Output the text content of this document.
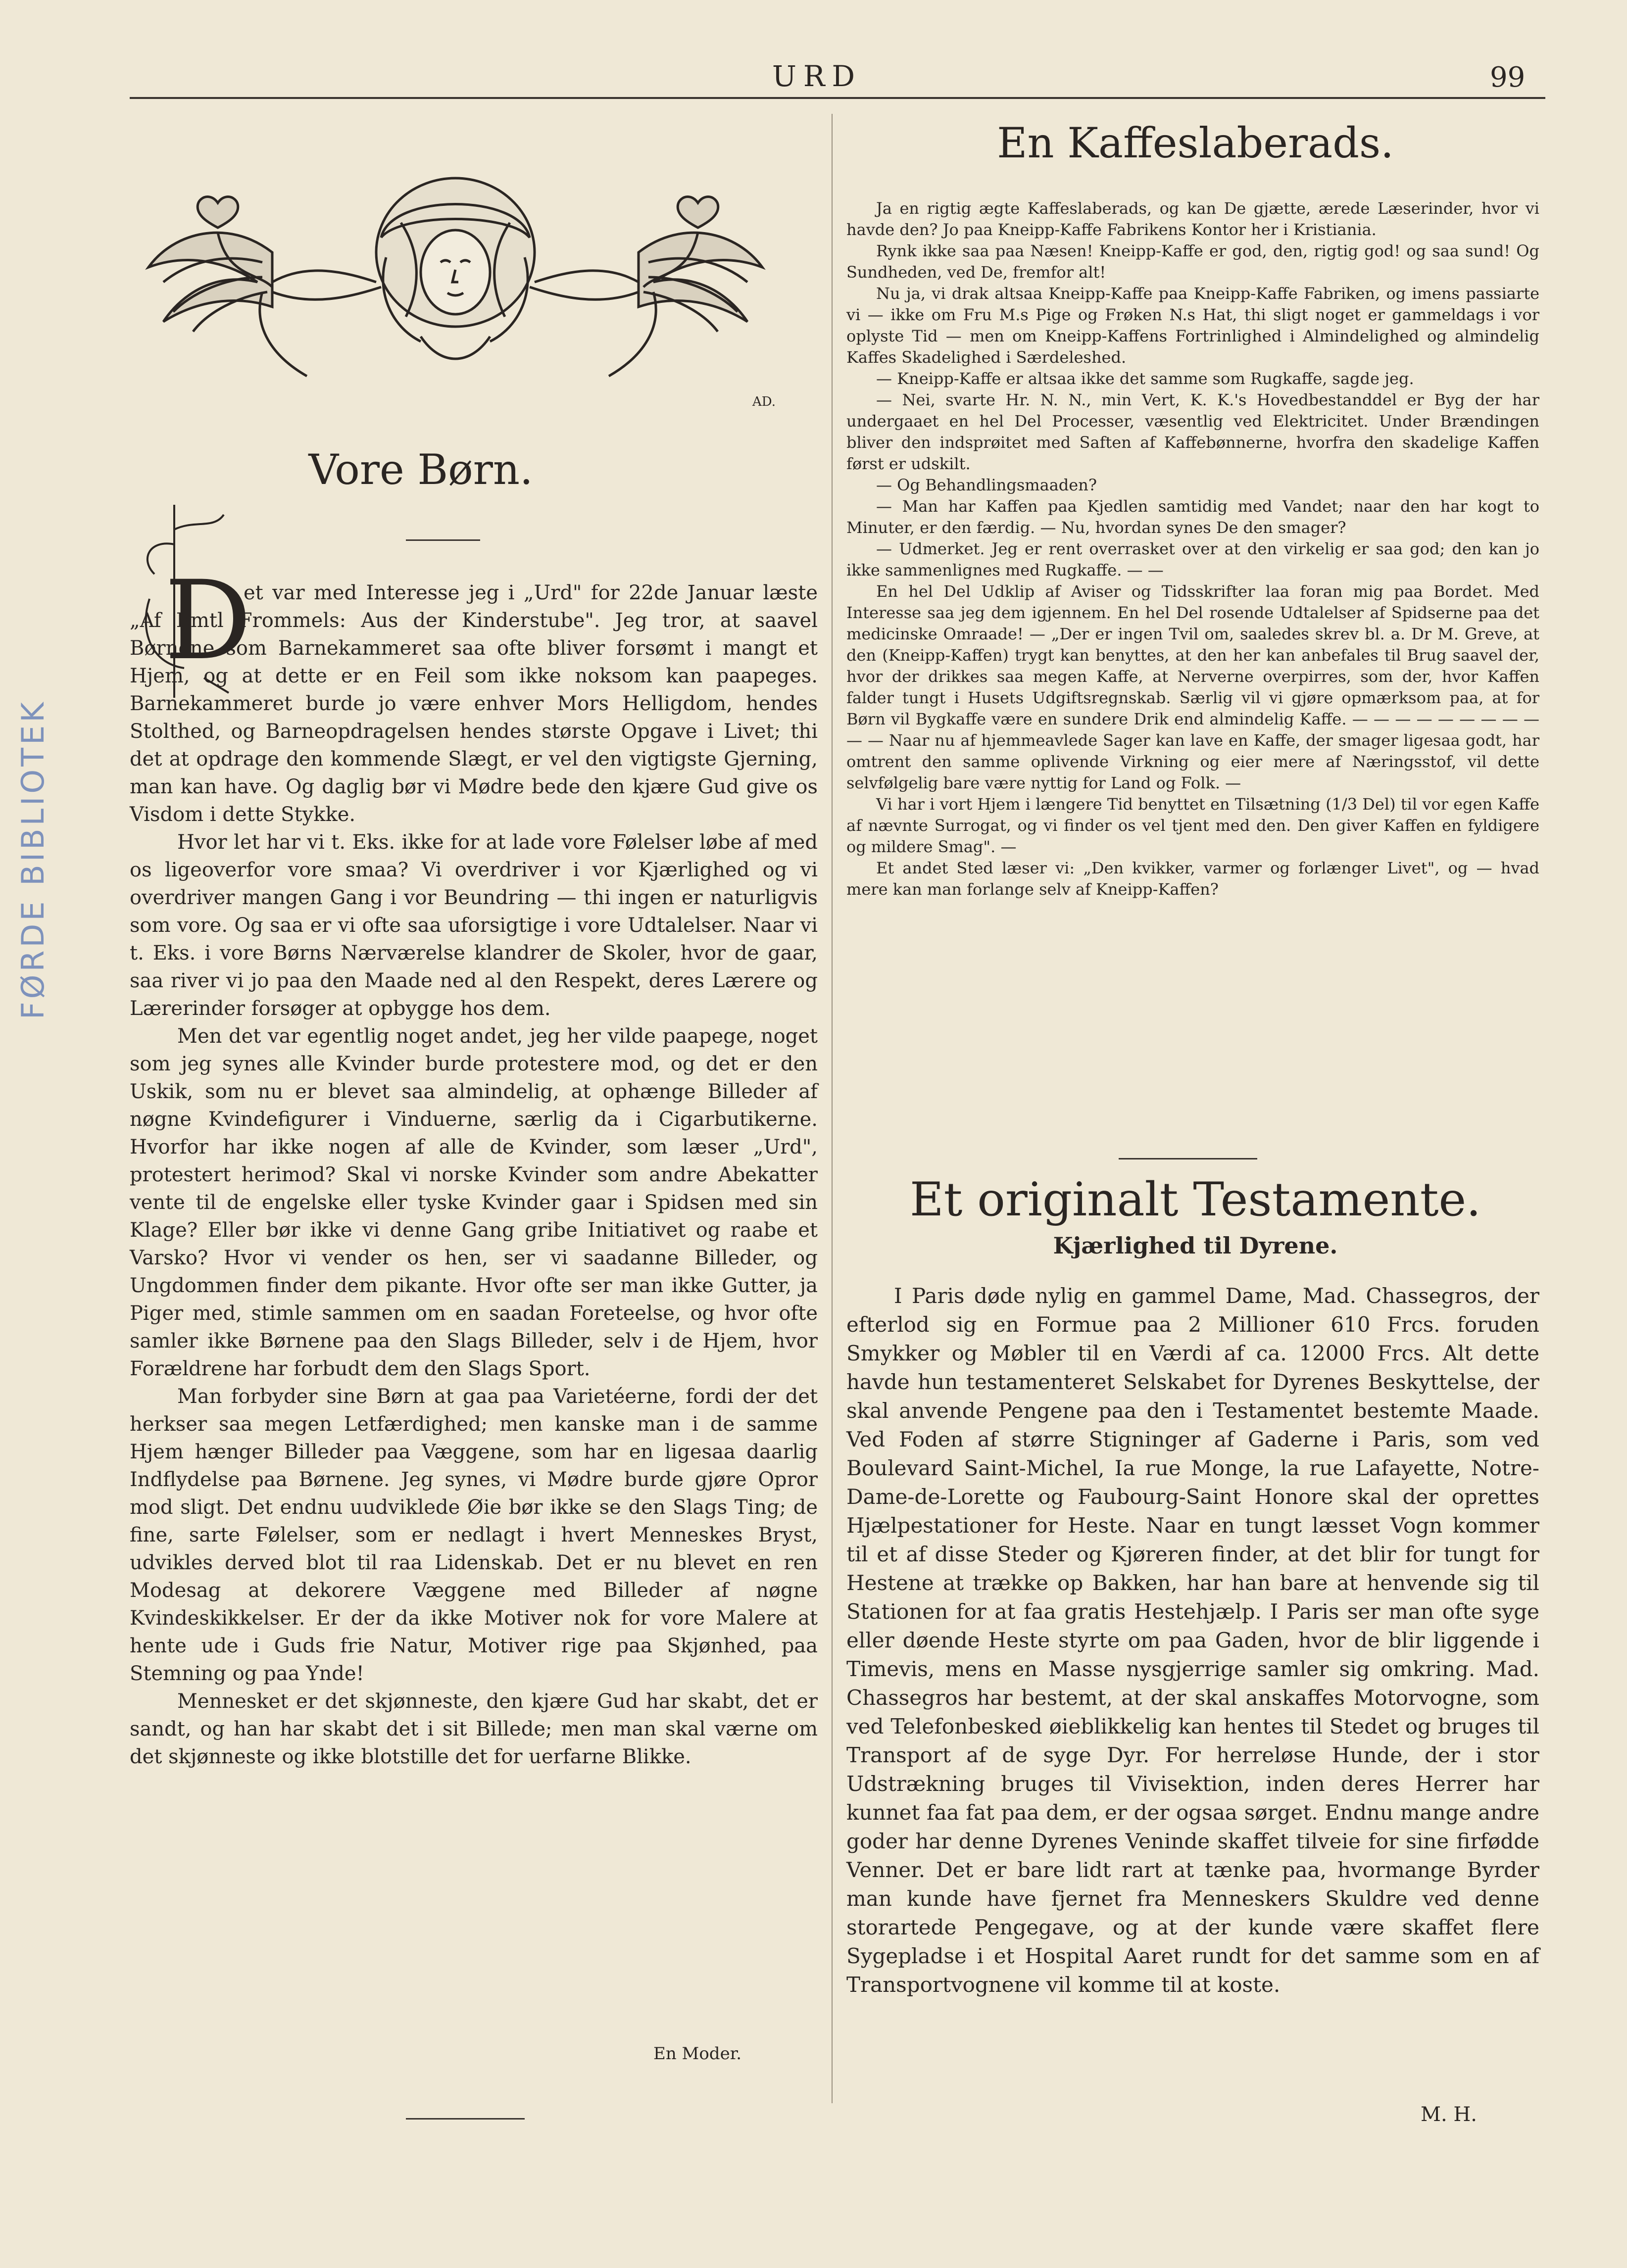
FØRDE BIBLIOTEK
URD	99
AD.
Vore Børn.
D

et var med Interesse jeg i „Urd" for 22de Januar læste „Af Emtl Frommels: Aus der Kinderstube". Jeg tror, at saavel Børnene som Barnekammeret saa ofte bliver forsømt i mangt et Hjem, og at dette er en Feil som ikke noksom kan paapeges. Barnekammeret burde jo være enhver Mors Helligdom, hendes Stolthed, og Barneopdragelsen hendes største Opgave i Livet; thi det at opdrage den kommende Slægt, er vel den vigtigste Gjerning, man kan have. Og daglig bør vi Mødre bede den kjære Gud give os Visdom i dette Stykke.

Hvor let har vi t. Eks. ikke for at lade vore Følelser løbe af med os ligeoverfor vore smaa? Vi overdriver i vor Kjærlighed og vi overdriver mangen Gang i vor Beundring — thi ingen er naturligvis som vore. Og saa er vi ofte saa uforsigtige i vore Udtalelser. Naar vi t. Eks. i vore Børns Nærværelse klandrer de Skoler, hvor de gaar, saa river vi jo paa den Maade ned al den Respekt, deres Lærere og Lærerinder forsøger at opbygge hos dem.

Men det var egentlig noget andet, jeg her vilde paapege, noget som jeg synes alle Kvinder burde protestere mod, og det er den Uskik, som nu er blevet saa almindelig, at ophænge Billeder af nøgne Kvindefigurer i Vinduerne, særlig da i Cigarbutikerne. Hvorfor har ikke nogen af alle de Kvinder, som læser „Urd", protestert herimod? Skal vi norske Kvinder som andre Abekatter vente til de engelske eller tyske Kvinder gaar i Spidsen med sin Klage? Eller bør ikke vi denne Gang gribe Initiativet og raabe et Varsko? Hvor vi vender os hen, ser vi saadanne Billeder, og Ungdommen finder dem pikante. Hvor ofte ser man ikke Gutter, ja Piger med, stimle sammen om en saadan Foreteelse, og hvor ofte samler ikke Børnene paa den Slags Billeder, selv i de Hjem, hvor Forældrene har forbudt dem den Slags Sport.

Man forbyder sine Børn at gaa paa Varietéerne, fordi der det herkser saa megen Letfærdighed; men kanske man i de samme Hjem hænger Billeder paa Væggene, som har en ligesaa daarlig Indflydelse paa Børnene. Jeg synes, vi Mødre burde gjøre Opror mod sligt. Det endnu uudviklede Øie bør ikke se den Slags Ting; de fine, sarte Følelser, som er nedlagt i hvert Menneskes Bryst, udvikles derved blot til raa Lidenskab. Det er nu blevet en ren Modesag at dekorere Væggene med Billeder af nøgne Kvindeskikkelser. Er der da ikke Motiver nok for vore Malere at hente ude i Guds frie Natur, Motiver rige paa Skjønhed, paa Stemning og paa Ynde!

Mennesket er det skjønneste, den kjære Gud har skabt, det er sandt, og han har skabt det i sit Billede; men man skal værne om det skjønneste og ikke blotstille det for uerfarne Blikke.

En Moder.
En Kaffeslaberads.

Ja en rigtig ægte Kaffeslaberads, og kan De gjætte, ærede Læserinder, hvor vi havde den? Jo paa Kneipp-Kaffe Fabrikens Kontor her i Kristiania.

Rynk ikke saa paa Næsen! Kneipp-Kaffe er god, den, rigtig god! og saa sund! Og Sundheden, ved De, fremfor alt!

Nu ja, vi drak altsaa Kneipp-Kaffe paa Kneipp-Kaffe Fabriken, og imens passiarte vi — ikke om Fru M.s Pige og Frøken N.s Hat, thi sligt noget er gammeldags i vor oplyste Tid — men om Kneipp-Kaffens Fortrinlighed i Almindelighed og almindelig Kaffes Skadelighed i Særdeleshed.

— Kneipp-Kaffe er altsaa ikke det samme som Rugkaffe, sagde jeg.

— Nei, svarte Hr. N. N., min Vert, K. K.'s Hovedbestanddel er Byg der har undergaaet en hel Del Processer, væsentlig ved Elektricitet. Under Brændingen bliver den indsprøitet med Saften af Kaffebønnerne, hvorfra den skadelige Kaffen først er udskilt.

— Og Behandlingsmaaden?

— Man har Kaffen paa Kjedlen samtidig med Vandet; naar den har kogt to Minuter, er den færdig. — Nu, hvordan synes De den smager?

— Udmerket. Jeg er rent overrasket over at den virkelig er saa god; den kan jo ikke sammenlignes med Rugkaffe. — —

En hel Del Udklip af Aviser og Tidsskrifter laa foran mig paa Bordet. Med Interesse saa jeg dem igjennem. En hel Del rosende Udtalelser af Spidserne paa det medicinske Omraade! — „Der er ingen Tvil om, saaledes skrev bl. a. Dr M. Greve, at den (Kneipp-Kaffen) trygt kan benyttes, at den her kan anbefales til Brug saavel der, hvor der drikkes saa megen Kaffe, at Nerverne overpirres, som der, hvor Kaffen falder tungt i Husets Udgiftsregnskab. Særlig vil vi gjøre opmærksom paa, at for Børn vil Bygkaffe være en sundere Drik end almindelig Kaffe. — — — — — — — — — — — Naar nu af hjemmeavlede Sager kan lave en Kaffe, der smager ligesaa godt, har omtrent den samme oplivende Virkning og eier mere af Næringsstof, vil dette selvfølgelig bare være nyttig for Land og Folk. —

Vi har i vort Hjem i længere Tid benyttet en Tilsætning (1/3 Del) til vor egen Kaffe af nævnte Surrogat, og vi finder os vel tjent med den. Den giver Kaffen en fyldigere og mildere Smag". —

Et andet Sted læser vi: „Den kvikker, varmer og forlænger Livet", og — hvad mere kan man forlange selv af Kneipp-Kaffen?

Et originalt Testamente.
Kjærlighed til Dyrene.

I Paris døde nylig en gammel Dame, Mad. Chassegros, der efterlod sig en Formue paa 2 Millioner 610 Frcs. foruden Smykker og Møbler til en Værdi af ca. 12000 Frcs. Alt dette havde hun testamenteret Selskabet for Dyrenes Beskyttelse, der skal anvende Pengene paa den i Testamentet bestemte Maade. Ved Foden af større Stigninger af Gaderne i Paris, som ved Boulevard Saint-Michel, Ia rue Monge, la rue Lafayette, Notre-Dame-de-Lorette og Faubourg-Saint Honore skal der oprettes Hjælpestationer for Heste. Naar en tungt læsset Vogn kommer til et af disse Steder og Kjøreren finder, at det blir for tungt for Hestene at trække op Bakken, har han bare at henvende sig til Stationen for at faa gratis Hestehjælp. I Paris ser man ofte syge eller døende Heste styrte om paa Gaden, hvor de blir liggende i Timevis, mens en Masse nysgjerrige samler sig omkring. Mad. Chassegros har bestemt, at der skal anskaffes Motorvogne, som ved Telefonbesked øieblikkelig kan hentes til Stedet og bruges til Transport af de syge Dyr. For herreløse Hunde, der i stor Udstrækning bruges til Vivisektion, inden deres Herrer har kunnet faa fat paa dem, er der ogsaa sørget. Endnu mange andre goder har denne Dyrenes Veninde skaffet tilveie for sine firfødde Venner. Det er bare lidt rart at tænke paa, hvormange Byrder man kunde have fjernet fra Menneskers Skuldre ved denne storartede Pengegave, og at der kunde være skaffet flere Sygepladse i et Hospital Aaret rundt for det samme som en af Transportvognene vil komme til at koste.

M. H.
